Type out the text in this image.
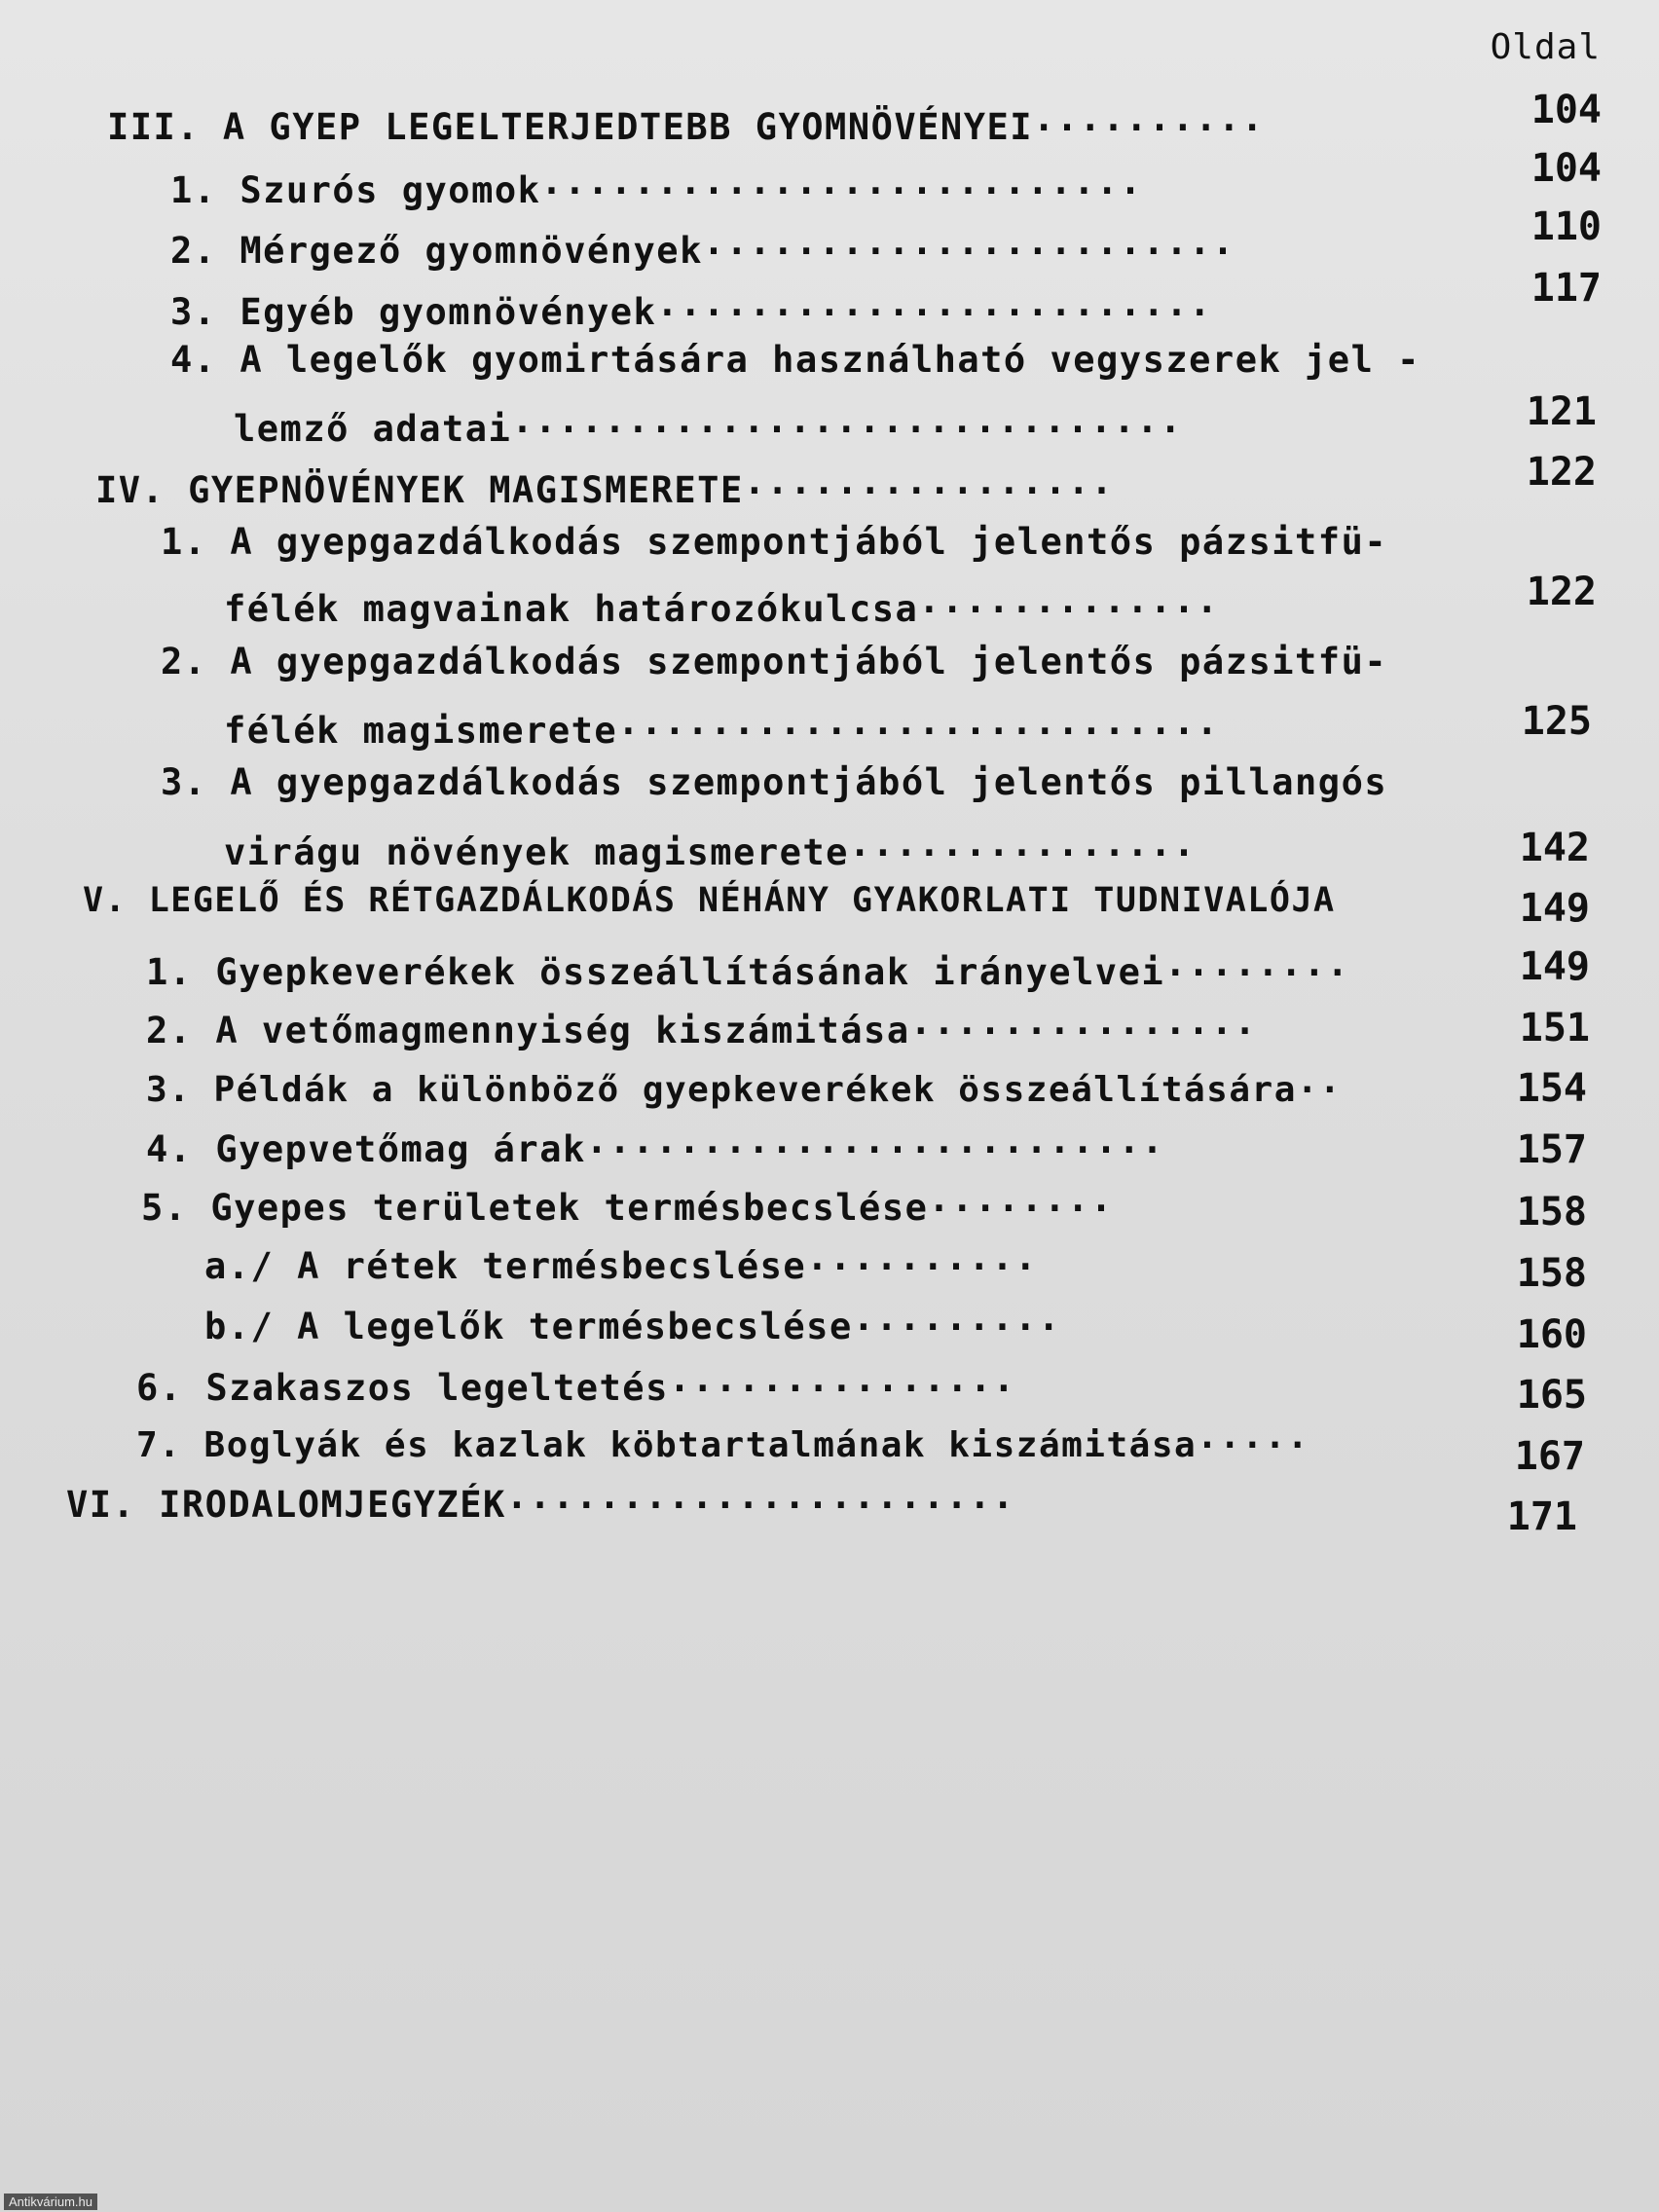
Oldal
III. A GYEP LEGELTERJEDTEBB GYOMNÖVÉNYEI..........	104
1. Szurós gyomok..........................	104
2. Mérgező gyomnövények.......................	110
3. Egyéb gyomnövények........................	117
4. A legelők gyomirtására használható vegyszerek jel -
lemző adatai.............................	121
IV. GYEPNÖVÉNYEK MAGISMERETE................	122
1. A gyepgazdálkodás szempontjából jelentős pázsitfü-
félék magvainak határozókulcsa.............	122
2. A gyepgazdálkodás szempontjából jelentős pázsitfü-
félék magismerete..........................	125
3. A gyepgazdálkodás szempontjából jelentős pillangós
virágu növények magismerete...............	142
V. LEGELŐ ÉS RÉTGAZDÁLKODÁS NÉHÁNY GYAKORLATI TUDNIVALÓJA	149
1. Gyepkeverékek összeállításának irányelvei........	149
2. A vetőmagmennyiség kiszámitása...............	151
3. Példák a különböző gyepkeverékek összeállítására..	154
4. Gyepvetőmag árak.........................	157
5. Gyepes területek termésbecslése........	158
a./ A rétek termésbecslése..........	158
b./ A legelők termésbecslése.........	160
6. Szakaszos legeltetés...............	165
7. Boglyák és kazlak köbtartalmának kiszámitása.....	167
VI. IRODALOMJEGYZÉK......................	171
Antikvárium.hu
